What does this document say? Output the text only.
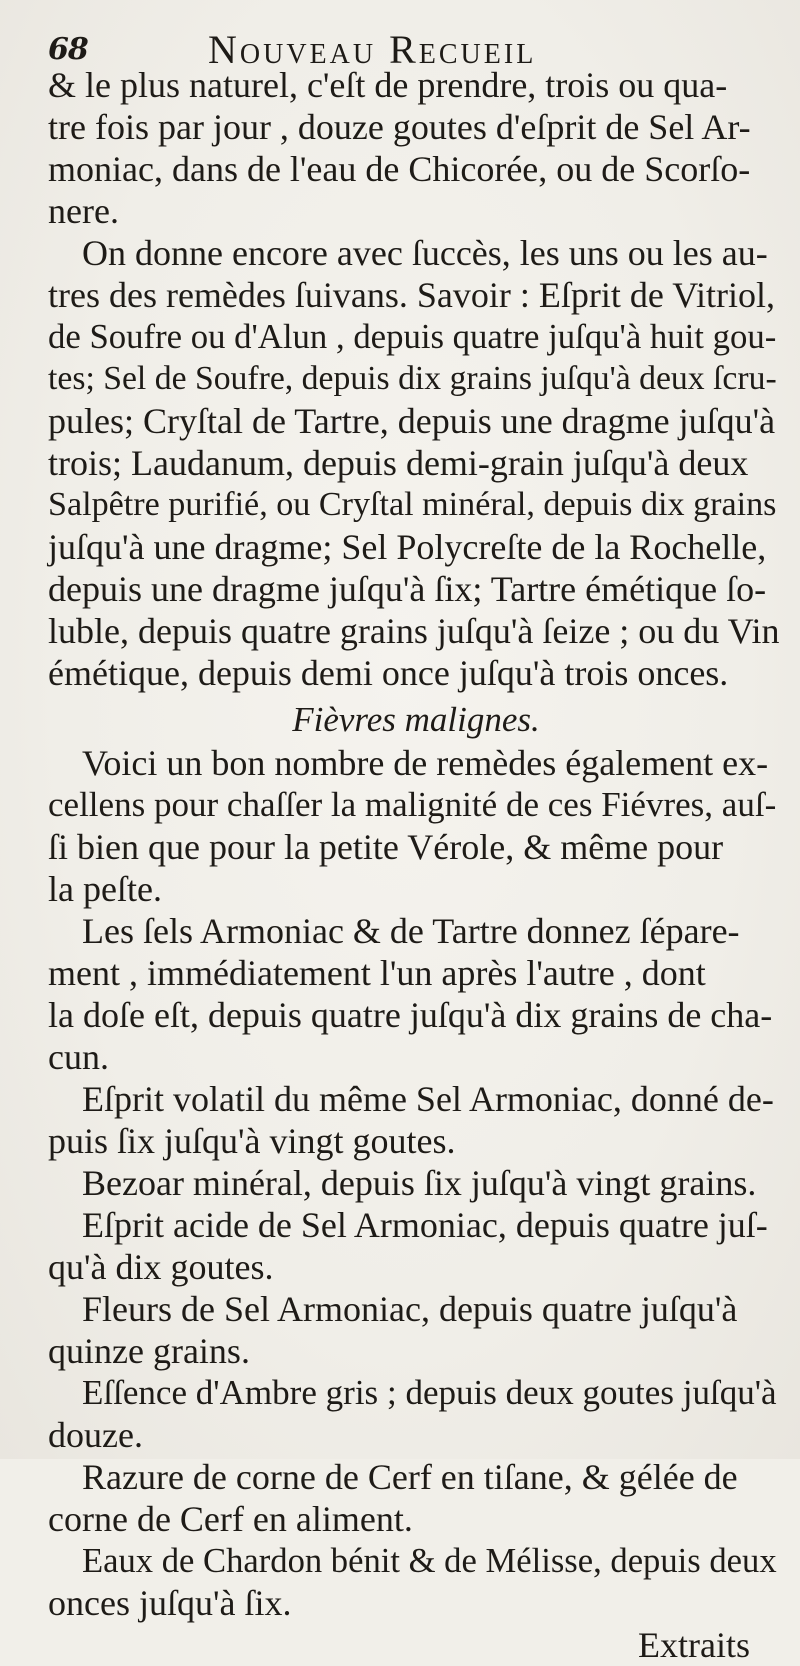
68	Nouveau Recueil
& le plus naturel, c'eſt de prendre, trois ou qua-
tre fois par jour , douze goutes d'eſprit de Sel Ar-
moniac, dans de l'eau de Chicorée, ou de Scorſo-
nere.
On donne encore avec ſuccès, les uns ou les au-
tres des remèdes ſuivans. Savoir : Eſprit de Vitriol,
de Soufre ou d'Alun , depuis quatre juſqu'à huit gou-
tes; Sel de Soufre, depuis dix grains juſqu'à deux ſcru-
pules; Cryſtal de Tartre, depuis une dragme juſqu'à
trois; Laudanum, depuis demi-grain juſqu'à deux
Salpêtre purifié, ou Cryſtal minéral, depuis dix grains
juſqu'à une dragme; Sel Polycreſte de la Rochelle,
depuis une dragme juſqu'à ſix; Tartre émétique ſo-
luble, depuis quatre grains juſqu'à ſeize ; ou du Vin
émétique, depuis demi once juſqu'à trois onces.
Fièvres malignes.
Voici un bon nombre de remèdes également ex-
cellens pour chaſſer la malignité de ces Fiévres, auſ-
ſi bien que pour la petite Vérole, & même pour
la peſte.
Les ſels Armoniac & de Tartre donnez ſépare-
ment , immédiatement l'un après l'autre , dont
la doſe eſt, depuis quatre juſqu'à dix grains de cha-
cun.
Eſprit volatil du même Sel Armoniac, donné de-
puis ſix juſqu'à vingt goutes.
Bezoar minéral, depuis ſix juſqu'à vingt grains.
Eſprit acide de Sel Armoniac, depuis quatre juſ-
qu'à dix goutes.
Fleurs de Sel Armoniac, depuis quatre juſqu'à
quinze grains.
Eſſence d'Ambre gris ; depuis deux goutes juſqu'à
douze.
Razure de corne de Cerf en tiſane, & gélée de
corne de Cerf en aliment.
Eaux de Chardon bénit & de Mélisse, depuis deux
onces juſqu'à ſix.
Extraits
